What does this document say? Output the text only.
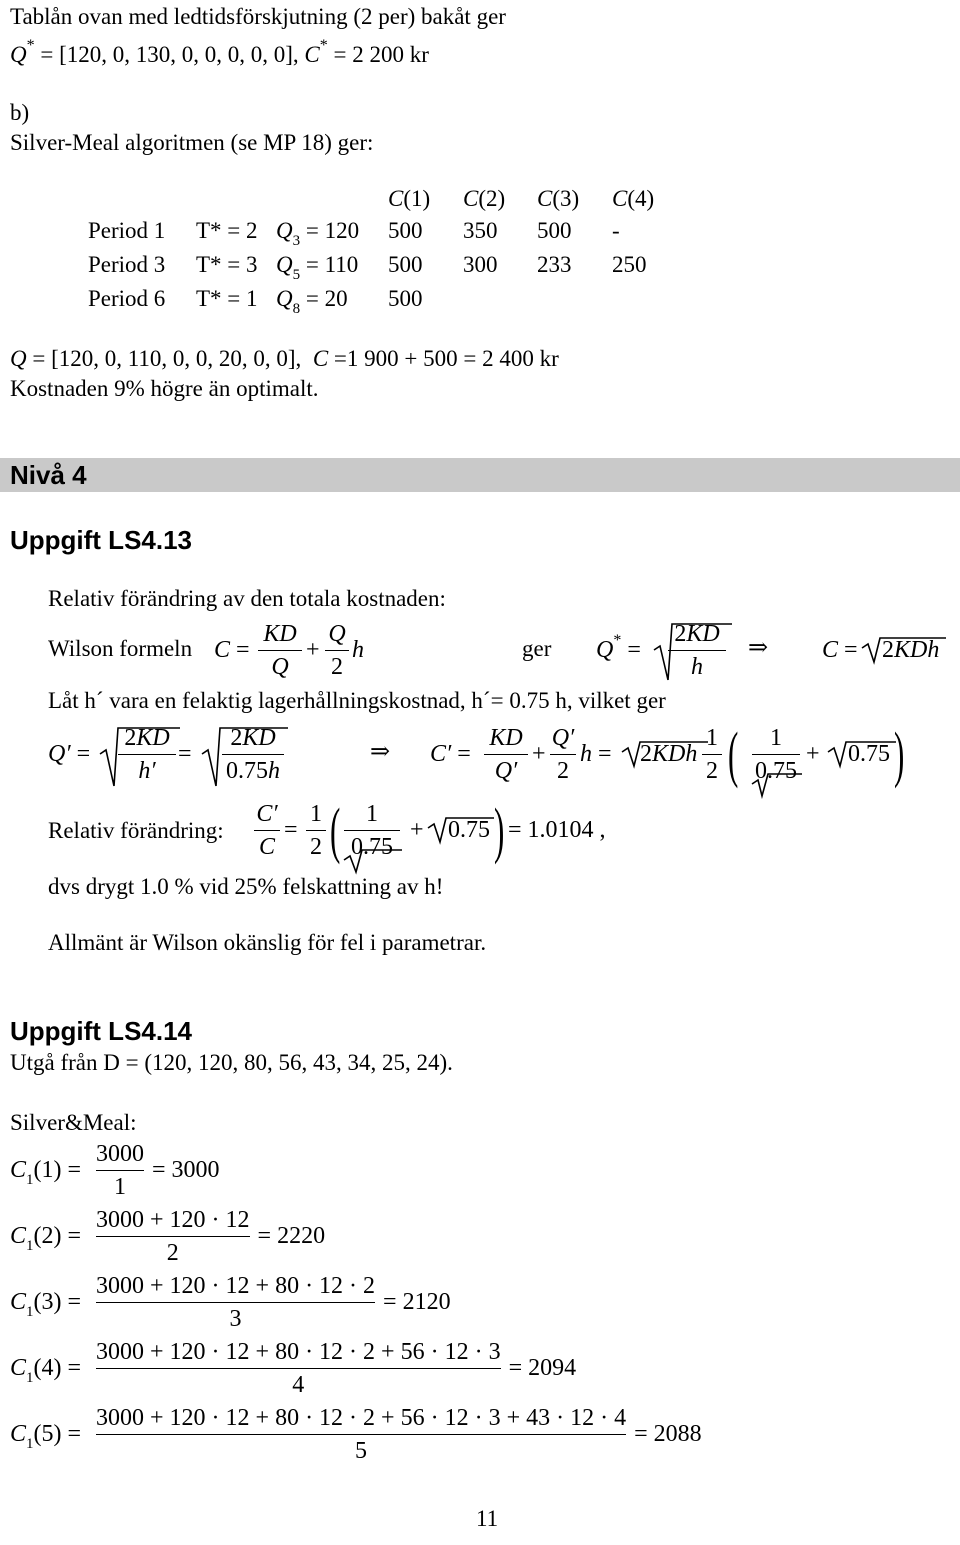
Tablån ovan med ledtidsförskjutning (2 per) bakåt ger
Q* = [120, 0, 130, 0, 0, 0, 0, 0], C* = 2 200 kr
b)
Silver-Meal algoritmen (se MP 18) ger:
C(1) C(2) C(3) C(4)
Period 1 T* = 2 $Q_3 = 120$ 500 350 500 -
Period 3 T* = 3 $Q_5 = 110$ 500 300 233 250
Period 6 T* = 1 $Q_8 = 20$ 500
Q = [120, 0, 110, 0, 0, 20, 0, 0], C =1 900 + 500 = 2 400 kr
Kostnaden 9% högre än optimalt.
Nivå 4
Uppgift LS4.13
Relativ förändring av den totala kostnaden:
Wilson formeln C =
KD
Q
+
Q
2
h	ger Q* =
2KD
h
⇒ C = 2KDh
Låt h´ vara en felaktig lagerhållningskostnad, h´= 0.75 h, vilket ger
Q′ =
2KD
h′
=
2KD
0.75h
⇒ C′ =
KD
Q′
+
Q′
2
h = 2KDh
1
2 (	1
0.75
+ 0.75 )
Relativ förändring:
C′
C
=
1
2 (	1
0.75
+ 0.75 ) = 1.0104 ,
dvs drygt 1.0 % vid 25% felskattning av h!
Allmänt är Wilson okänslig för fel i parametrar.
Uppgift LS4.14
Utgå från D = (120, 120, 80, 56, 43, 34, 25, 24).
Silver&Meal:
$C_1(1)$ =
3000
1
= 3000
$C_1(2)$ =
3000 + 120 · 12
2
= 2220
$C_1(3)$ =
3000 + 120 · 12 + 80 · 12 · 2
3
= 2120
$C_1(4)$ =
3000 + 120 · 12 + 80 · 12 · 2 + 56 · 12 · 3
4
= 2094
$C_1(5)$ =
3000 + 120 · 12 + 80 · 12 · 2 + 56 · 12 · 3 + 43 · 12 · 4
5
= 2088
11
